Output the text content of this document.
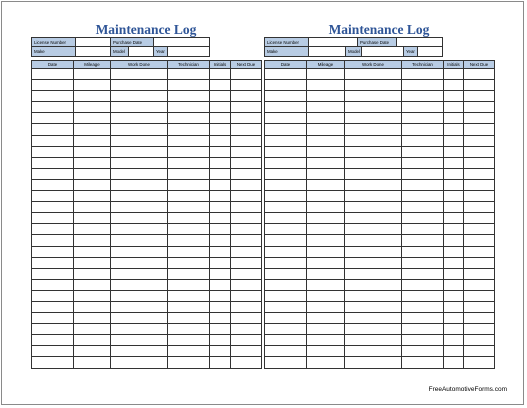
Maintenance Log
License Number		Purchase Date	
Make		Model		Year	
Date	Mileage	Work Done	Technician	Initials	Next Due

Maintenance Log
License Number		Purchase Date	
Make		Model		Year	
Date	Mileage	Work Done	Technician	Initials	Next Due

FreeAutomotiveForms.com
